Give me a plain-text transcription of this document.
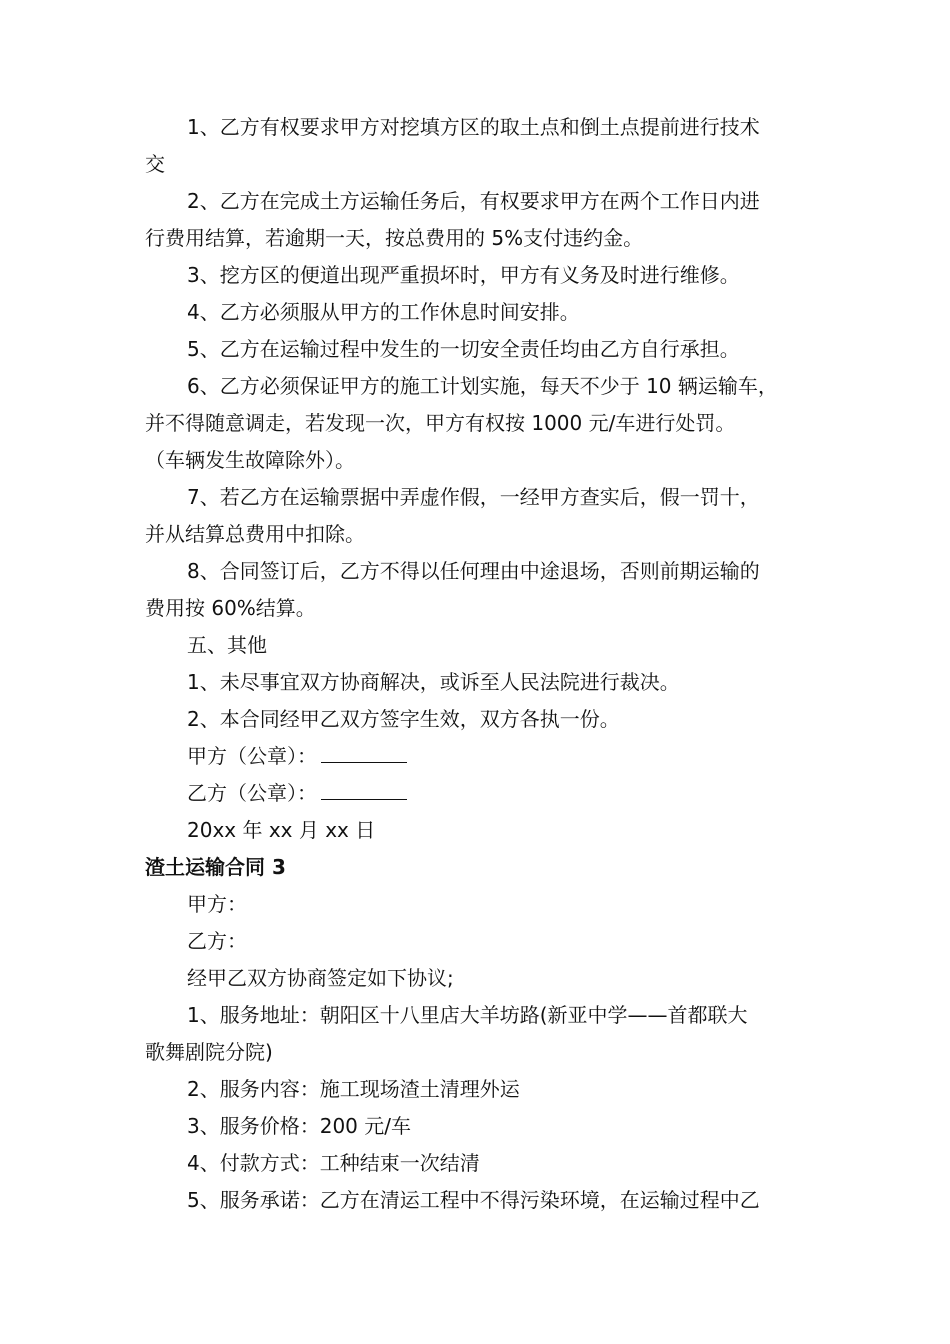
1、乙方有权要求甲方对挖填方区的取土点和倒土点提前进行技术
交
2、乙方在完成土方运输任务后，有权要求甲方在两个工作日内进
行费用结算，若逾期一天，按总费用的 5%支付违约金。
3、挖方区的便道出现严重损坏时，甲方有义务及时进行维修。
4、乙方必须服从甲方的工作休息时间安排。
5、乙方在运输过程中发生的一切安全责任均由乙方自行承担。
6、乙方必须保证甲方的施工计划实施，每天不少于 10 辆运输车，
并不得随意调走，若发现一次，甲方有权按 1000 元/车进行处罚。
（车辆发生故障除外）。
7、若乙方在运输票据中弄虚作假，一经甲方查实后，假一罚十，
并从结算总费用中扣除。
8、合同签订后，乙方不得以任何理由中途退场，否则前期运输的
费用按 60%结算。
五、其他
1、未尽事宜双方协商解决，或诉至人民法院进行裁决。
2、本合同经甲乙双方签字生效，双方各执一份。
甲方（公章）：
乙方（公章）：
20xx 年 xx 月 xx 日
渣土运输合同 3
甲方：
乙方：
经甲乙双方协商签定如下协议;
1、服务地址：朝阳区十八里店大羊坊路(新亚中学——首都联大
歌舞剧院分院)
2、服务内容：施工现场渣土清理外运
3、服务价格：200 元/车
4、付款方式：工种结束一次结清
5、服务承诺：乙方在清运工程中不得污染环境，在运输过程中乙
